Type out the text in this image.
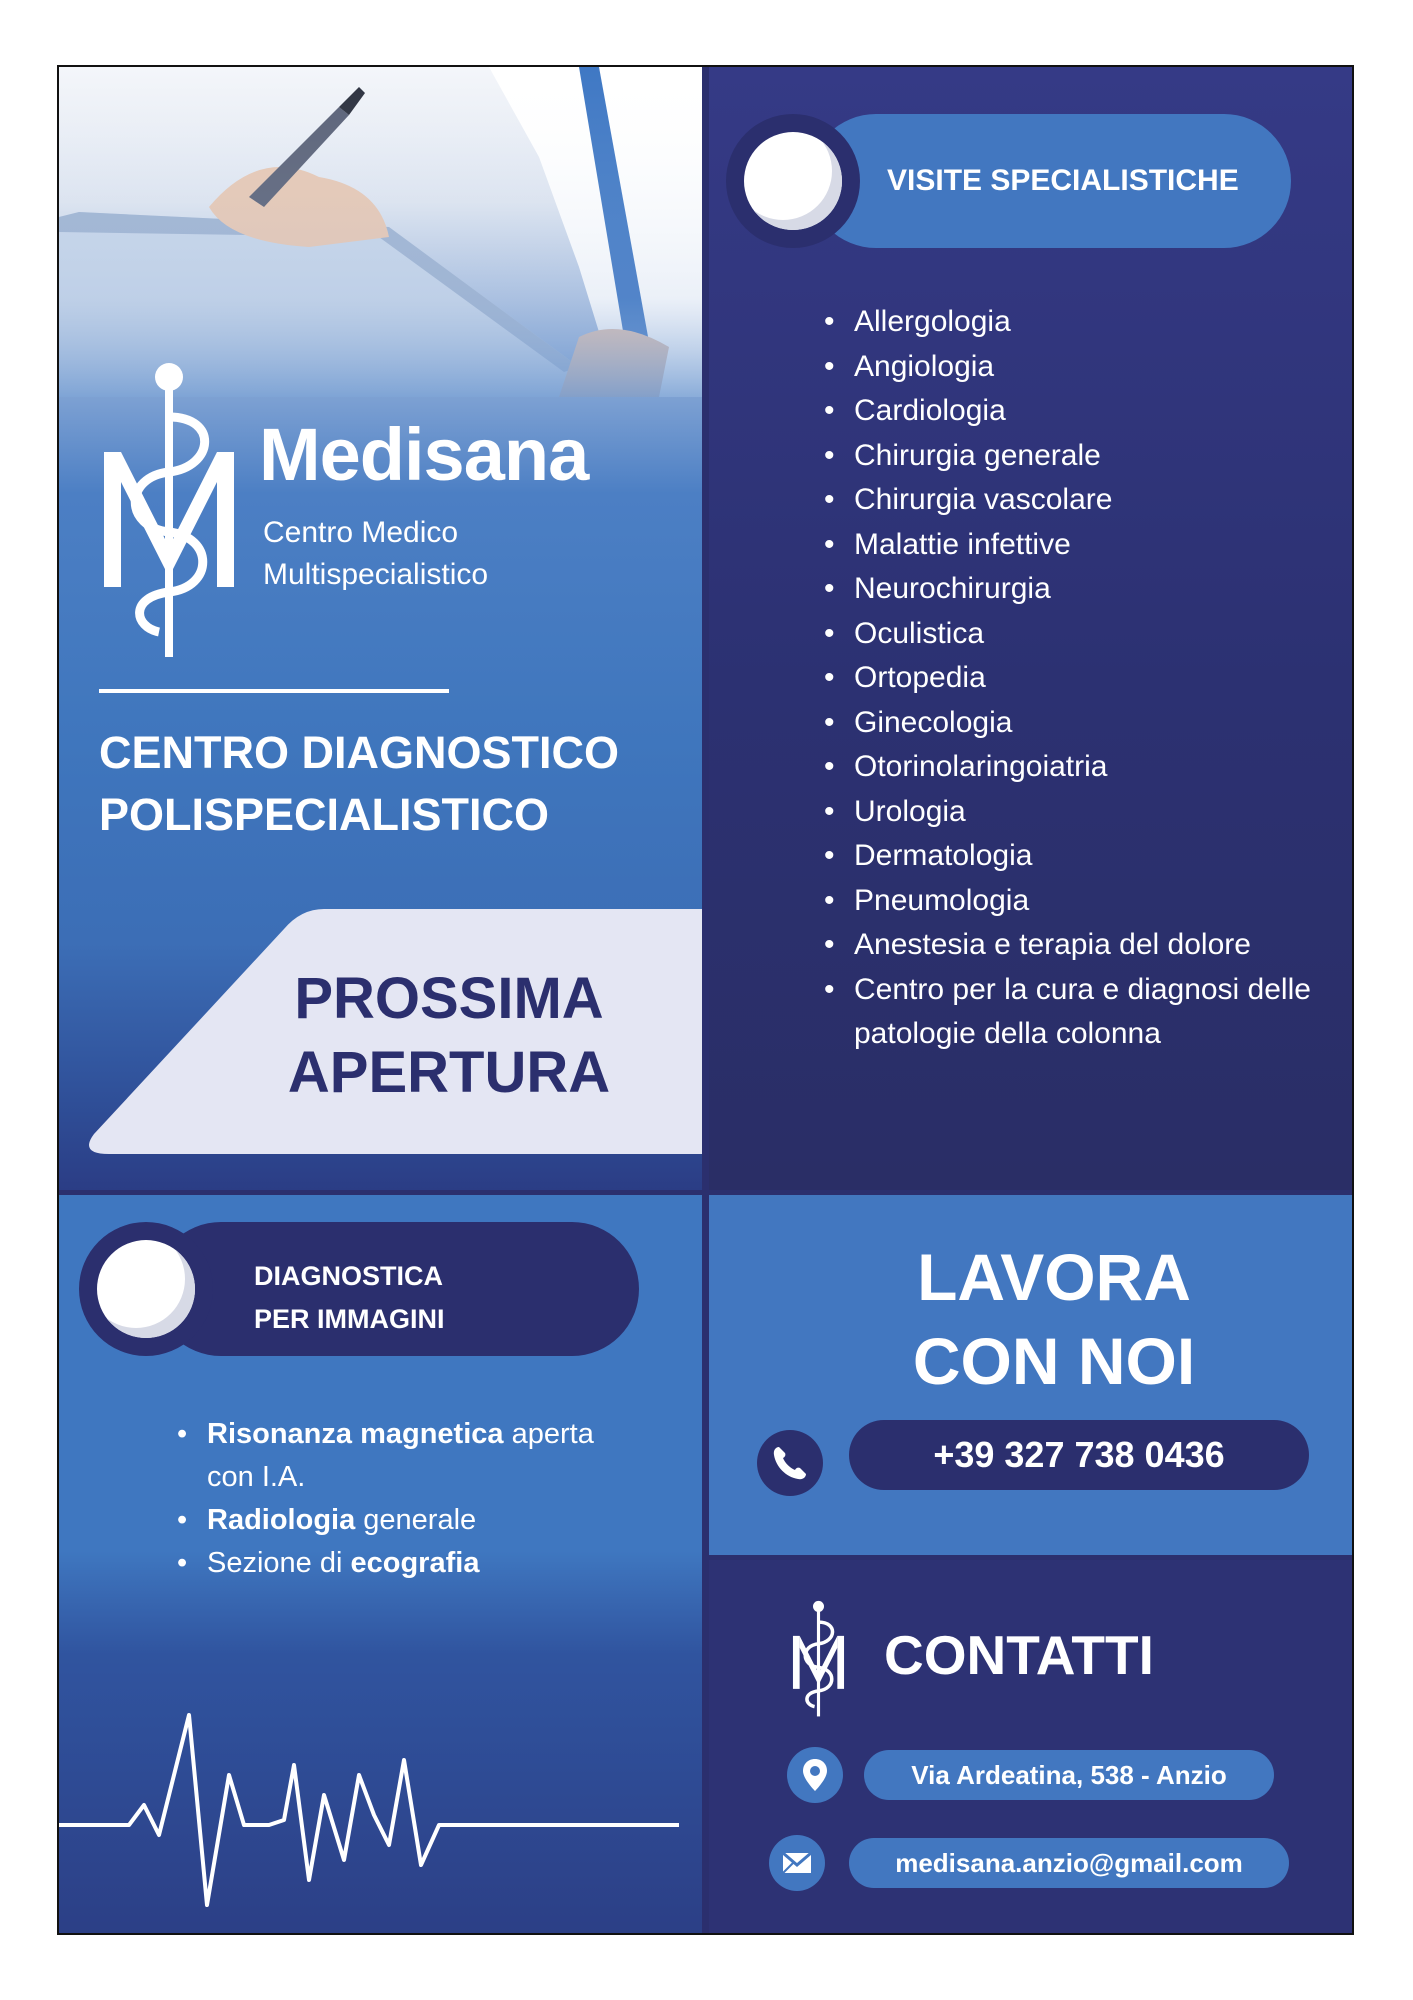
Medisana
Centro Medico
Multispecialistico
CENTRO DIAGNOSTICO
POLISPECIALISTICO
PROSSIMA
APERTURA
VISITE SPECIALISTICHE
• Allergologia
• Angiologia
• Cardiologia
• Chirurgia generale
• Chirurgia vascolare
• Malattie infettive
• Neurochirurgia
• Oculistica
• Ortopedia
• Ginecologia
• Otorinolaringoiatria
• Urologia
• Dermatologia
• Pneumologia
• Anestesia e terapia del dolore
• Centro per la cura e diagnosi delle patologie della colonna
DIAGNOSTICA
PER IMMAGINI
• Risonanza magnetica aperta con I.A.
• Radiologia generale
• Sezione di ecografia
LAVORA
CON NOI
+39 327 738 0436
CONTATTI
Via Ardeatina, 538 - Anzio
medisana.anzio@gmail.com
